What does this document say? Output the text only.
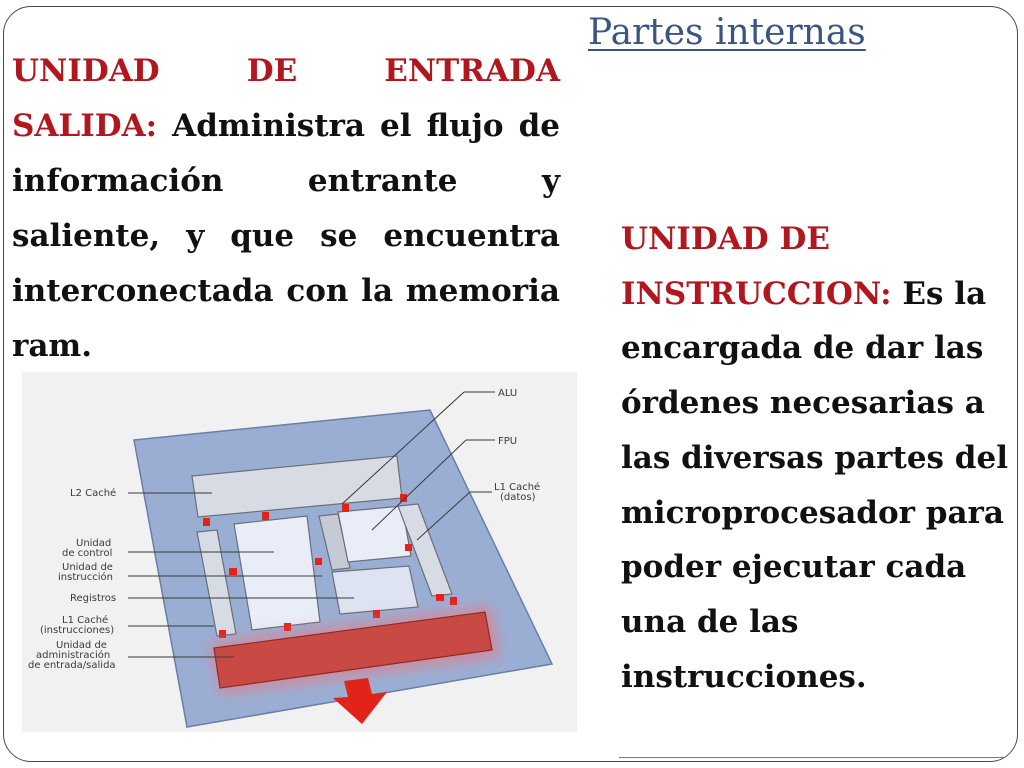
Partes internas
UNIDAD DE ENTRADA SALIDA: Administra el flujo de información entrante y saliente, y que se encuentra interconectada con la memoria ram.
UNIDAD DE INSTRUCCION: Es la encargada de dar las órdenes necesarias a las diversas partes del microprocesador para poder ejecutar cada una de las instrucciones.
ALU
FPU
L1 Caché
(datos)
L2 Caché
Unidad
de control
Unidad de
instrucción
Registros
L1 Caché
(instrucciones)
Unidad de
administración
de entrada/salida
